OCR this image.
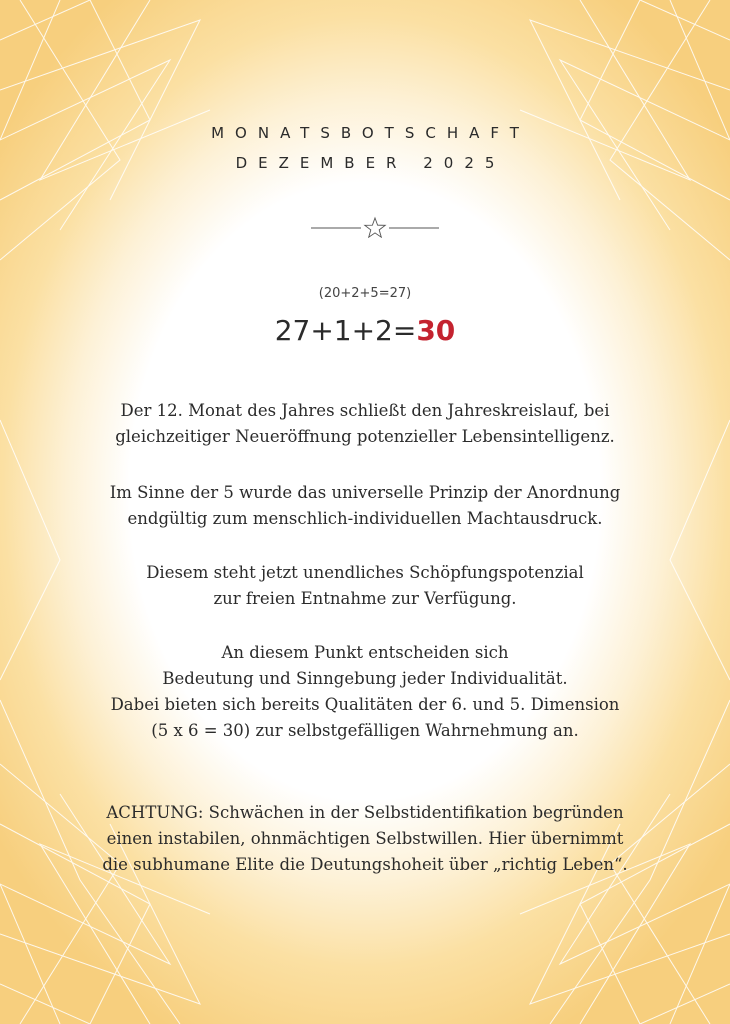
MONATSBOTSCHAFT
DEZEMBER 2025
(20+2+5=27)
27+1+2=30
Der 12. Monat des Jahres schließt den Jahreskreislauf, bei
gleichzeitiger Neueröffnung potenzieller Lebensintelligenz.
Im Sinne der 5 wurde das universelle Prinzip der Anordnung
endgültig zum menschlich-individuellen Machtausdruck.
Diesem steht jetzt unendliches Schöpfungspotenzial
zur freien Entnahme zur Verfügung.
An diesem Punkt entscheiden sich
Bedeutung und Sinngebung jeder Individualität.
Dabei bieten sich bereits Qualitäten der 6. und 5. Dimension
(5 x 6 = 30) zur selbstgefälligen Wahrnehmung an.
ACHTUNG: Schwächen in der Selbstidentifikation begründen
einen instabilen, ohnmächtigen Selbstwillen. Hier übernimmt
die subhumane Elite die Deutungshoheit über „richtig Leben“.
